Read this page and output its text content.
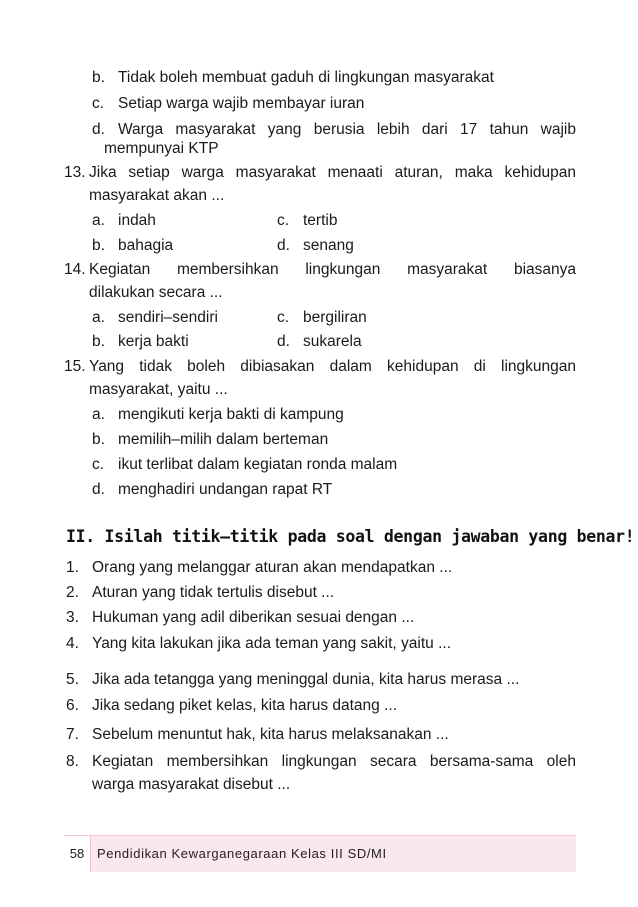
b. Tidak boleh membuat gaduh di lingkungan masyarakat
c. Setiap warga wajib membayar iuran
d. Warga masyarakat yang berusia lebih dari 17 tahun wajib
mempunyai KTP
13. Jika setiap warga masyarakat menaati aturan, maka kehidupan
masyarakat akan ...
a. indah	c. tertib
b. bahagia	d. senang
14. Kegiatan membersihkan lingkungan masyarakat biasanya
dilakukan secara ...
a. sendiri–sendiri	c. bergiliran
b. kerja bakti	d. sukarela
15. Yang tidak boleh dibiasakan dalam kehidupan di lingkungan
masyarakat, yaitu ...
a. mengikuti kerja bakti di kampung
b. memilih–milih dalam berteman
c. ikut terlibat dalam kegiatan ronda malam
d. menghadiri undangan rapat RT
II. Isilah titik–titik pada soal dengan jawaban yang benar!
1. Orang yang melanggar aturan akan mendapatkan ...
2. Aturan yang tidak tertulis disebut ...
3. Hukuman yang adil diberikan sesuai dengan ...
4. Yang kita lakukan jika ada teman yang sakit, yaitu ...
5. Jika ada tetangga yang meninggal dunia, kita harus merasa ...
6. Jika sedang piket kelas, kita harus datang ...
7. Sebelum menuntut hak, kita harus melaksanakan ...
8. Kegiatan membersihkan lingkungan secara bersama-sama oleh
warga masyarakat disebut ...
58 Pendidikan Kewarganegaraan Kelas III SD/MI
